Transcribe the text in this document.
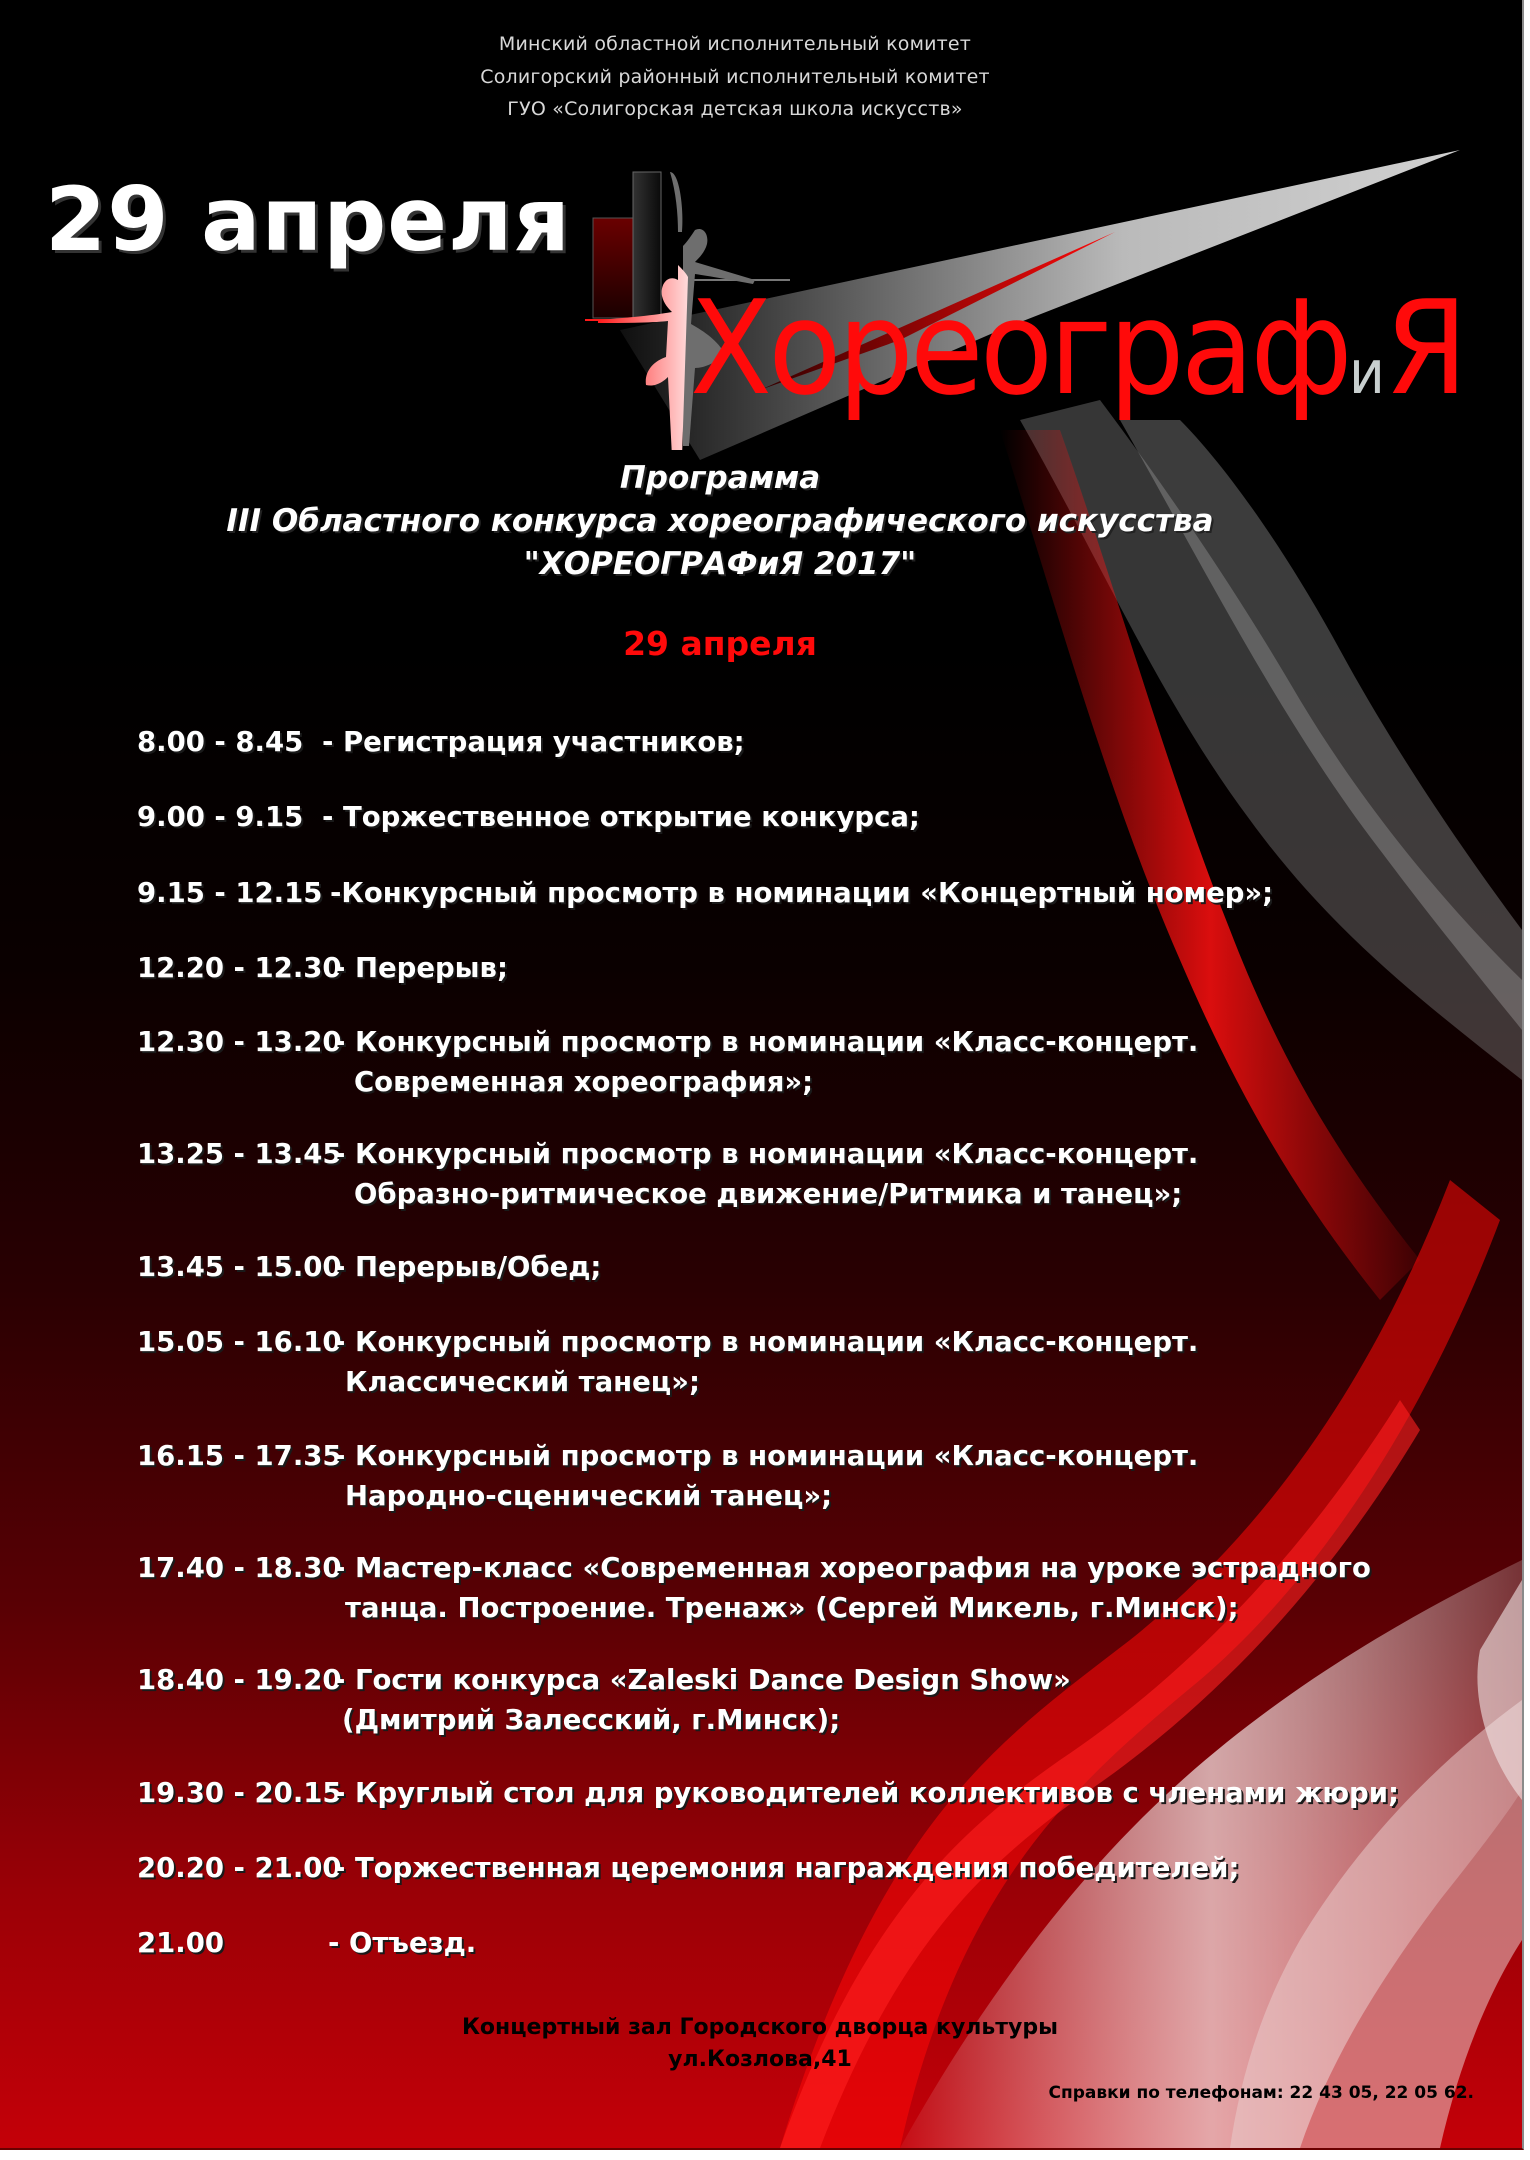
Минский областной исполнительный комитет
Солигорский районный исполнительный комитет
ГУО «Солигорская детская школа искусств»
29 апреля
ХореографиЯ
Программа
III Областного конкурса хореографического искусства
"ХОРЕОГРАФиЯ 2017"
29 апреля
8.00 - 8.45 - Регистрация участников;
9.00 - 9.15 - Торжественное открытие конкурса;
9.15 - 12.15 -Конкурсный просмотр в номинации «Концертный номер»;
12.20 - 12.30
- Перерыв;
12.30 - 13.20
- Конкурсный просмотр в номинации «Класс-концерт.
Современная хореография»;
13.25 - 13.45
- Конкурсный просмотр в номинации «Класс-концерт.
Образно-ритмическое движение/Ритмика и танец»;
13.45 - 15.00
- Перерыв/Обед;
15.05 - 16.10
- Конкурсный просмотр в номинации «Класс-концерт.
Классический танец»;
16.15 - 17.35
- Конкурсный просмотр в номинации «Класс-концерт.
Народно-сценический танец»;
17.40 - 18.30
- Мастер-класс «Современная хореография на уроке эстрадного
танца. Построение. Тренаж» (Сергей Микель, г.Минск);
18.40 - 19.20
- Гости конкурса «Zaleski Dance Design Show»
(Дмитрий Залесский, г.Минск);
19.30 - 20.15
- Круглый стол для руководителей коллективов с членами жюри;
20.20 - 21.00
- Торжественная церемония награждения победителей;
21.00	- Отъезд.
Концертный зал Городского дворца культуры
ул.Козлова,41
Справки по телефонам: 22 43 05, 22 05 62.
